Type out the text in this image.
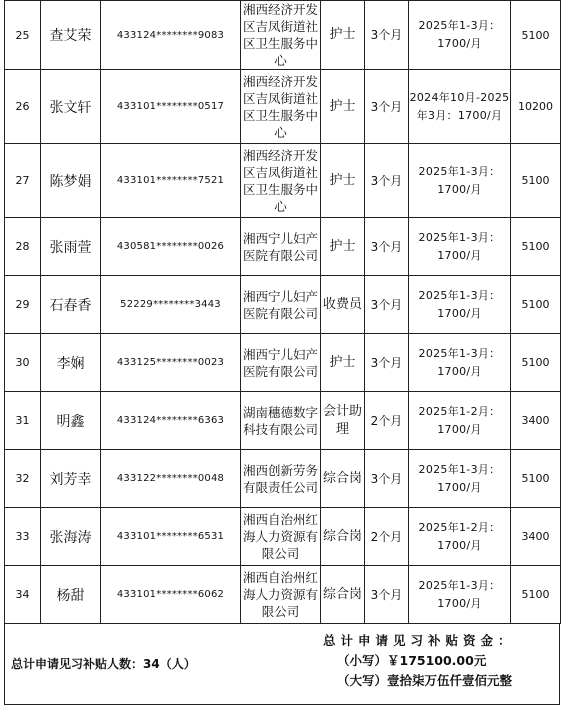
25	查艾荣	433124********9083	湘西经济开发区吉凤街道社区卫生服务中心	护士	3个月	2025年1-3月：1700/月	5100
26	张文轩	433101********0517	湘西经济开发区吉凤街道社区卫生服务中心	护士	3个月	2024年10月-2025年3月：1700/月	10200
27	陈梦娟	433101********7521	湘西经济开发区吉凤街道社区卫生服务中心	护士	3个月	2025年1-3月：1700/月	5100
28	张雨萱	430581********0026	湘西宁儿妇产医院有限公司	护士	3个月	2025年1-3月：1700/月	5100
29	石春香	52229********3443	湘西宁儿妇产医院有限公司	收费员	3个月	2025年1-3月：1700/月	5100
30	李娴	433125********0023	湘西宁儿妇产医院有限公司	护士	3个月	2025年1-3月：1700/月	5100
31	明鑫	433124********6363	湖南穗德数字科技有限公司	会计助理	2个月	2025年1-2月：1700/月	3400
32	刘芳幸	433122********0048	湘西创新劳务有限责任公司	综合岗	3个月	2025年1-3月：1700/月	5100
33	张海涛	433101********6531	湘西自治州红海人力资源有限公司	综合岗	2个月	2025年1-2月：1700/月	3400
34	杨甜	433101********6062	湘西自治州红海人力资源有限公司	综合岗	3个月	2025年1-3月：1700/月	5100
总计申请见习补贴人数：34（人）
总计申请见习补贴资金：
（小写）￥175100.00元
（大写）壹拾柒万伍仟壹佰元整
